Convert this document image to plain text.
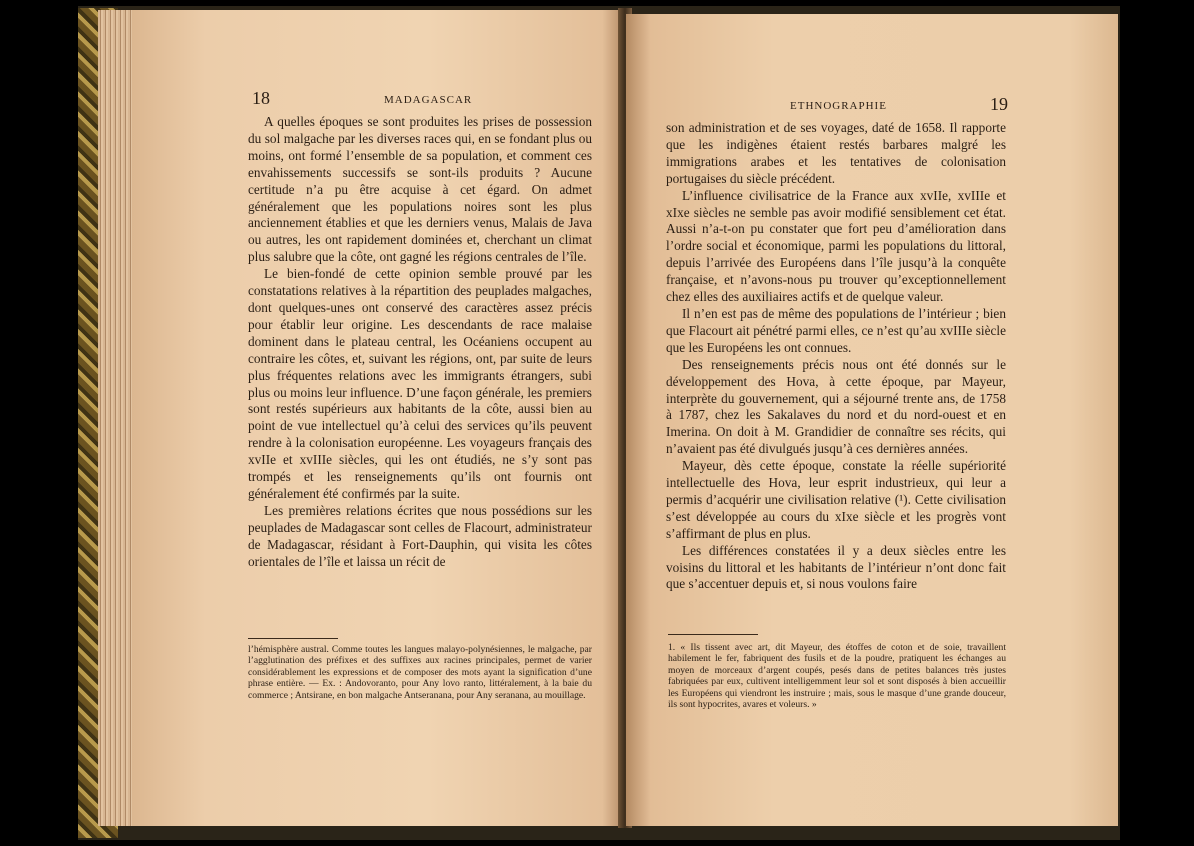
18	MADAGASCAR

A quelles époques se sont produites les prises de possession du sol malgache par les diverses races qui, en se fondant plus ou moins, ont formé l’ensemble de sa population, et comment ces envahissements successifs se sont-ils produits ? Aucune certitude n’a pu être acquise à cet égard. On admet généralement que les populations noires sont les plus anciennement établies et que les derniers venus, Malais de Java ou autres, les ont rapidement dominées et, cherchant un climat plus salubre que la côte, ont gagné les régions centrales de l’île.

Le bien-fondé de cette opinion semble prouvé par les constatations relatives à la répartition des peuplades malgaches, dont quelques-unes ont conservé des caractères assez précis pour établir leur origine. Les descendants de race malaise dominent dans le plateau central, les Océaniens occupent au contraire les côtes, et, suivant les régions, ont, par suite de leurs plus fréquentes relations avec les immigrants étrangers, subi plus ou moins leur influence. D’une façon générale, les premiers sont restés supérieurs aux habitants de la côte, aussi bien au point de vue intellectuel qu’à celui des services qu’ils peuvent rendre à la colonisation européenne. Les voyageurs français des xvIIe et xvIIIe siècles, qui les ont étudiés, ne s’y sont pas trompés et les renseignements qu’ils ont fournis ont généralement été confirmés par la suite.

Les premières relations écrites que nous possédions sur les peuplades de Madagascar sont celles de Flacourt, administrateur de Madagascar, résidant à Fort-Dauphin, qui visita les côtes orientales de l’île et laissa un récit de

l’hémisphère austral. Comme toutes les langues malayo-polynésiennes, le malgache, par l’agglutination des préfixes et des suffixes aux racines principales, permet de varier considérablement les expressions et de composer des mots ayant la signification d’une phrase entière. — Ex. : Andovoranto, pour Any lovo ranto, littéralement, à la baie du commerce ; Antsirane, en bon malgache Antseranana, pour Any seranana, au mouillage.

ETHNOGRAPHIE	19

son administration et de ses voyages, daté de 1658. Il rapporte que les indigènes étaient restés barbares malgré les immigrations arabes et les tentatives de colonisation portugaises du siècle précédent.

L’influence civilisatrice de la France aux xvIIe, xvIIIe et xIxe siècles ne semble pas avoir modifié sensiblement cet état. Aussi n’a-t-on pu constater que fort peu d’amélioration dans l’ordre social et économique, parmi les populations du littoral, depuis l’arrivée des Européens dans l’île jusqu’à la conquête française, et n’avons-nous pu trouver qu’exceptionnellement chez elles des auxiliaires actifs et de quelque valeur.

Il n’en est pas de même des populations de l’intérieur ; bien que Flacourt ait pénétré parmi elles, ce n’est qu’au xvIIIe siècle que les Européens les ont connues.

Des renseignements précis nous ont été donnés sur le développement des Hova, à cette époque, par Mayeur, interprète du gouvernement, qui a séjourné trente ans, de 1758 à 1787, chez les Sakalaves du nord et du nord-ouest et en Imerina. On doit à M. Grandidier de connaître ses récits, qui n’avaient pas été divulgués jusqu’à ces dernières années.

Mayeur, dès cette époque, constate la réelle supériorité intellectuelle des Hova, leur esprit industrieux, qui leur a permis d’acquérir une civilisation relative (¹). Cette civilisation s’est développée au cours du xIxe siècle et les progrès vont s’affirmant de plus en plus.

Les différences constatées il y a deux siècles entre les voisins du littoral et les habitants de l’intérieur n’ont donc fait que s’accentuer depuis et, si nous voulons faire

1. « Ils tissent avec art, dit Mayeur, des étoffes de coton et de soie, travaillent habilement le fer, fabriquent des fusils et de la poudre, pratiquent les échanges au moyen de morceaux d’argent coupés, pesés dans de petites balances très justes fabriquées par eux, cultivent intelligemment leur sol et sont disposés à bien accueillir les Européens qui viendront les instruire ; mais, sous le masque d’une grande douceur, ils sont hypocrites, avares et voleurs. »
